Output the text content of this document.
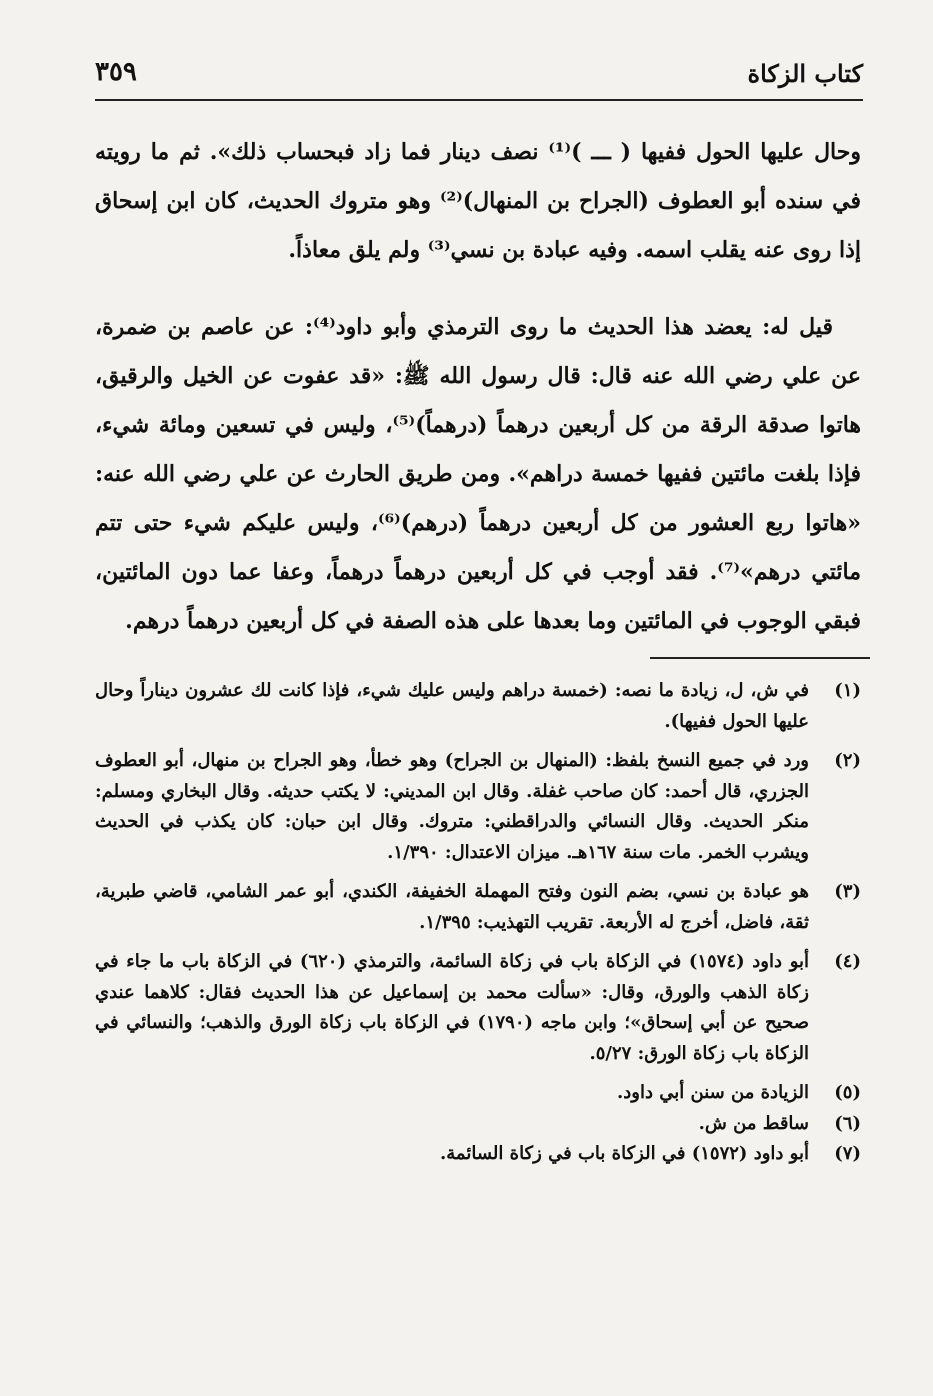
٣٥٩	كتاب الزكاة

وحال عليها الحول ففيها ( ـــ )⁽¹⁾ نصف دينار فما زاد فبحساب ذلك». ثم ما رويته في سنده أبو العطوف (الجراح بن المنهال)⁽²⁾ وهو متروك الحديث، كان ابن إسحاق إذا روى عنه يقلب اسمه. وفيه عبادة بن نسي⁽³⁾ ولم يلق معاذاً.

قيل له: يعضد هذا الحديث ما روى الترمذي وأبو داود⁽⁴⁾: عن عاصم بن ضمرة، عن علي رضي الله عنه قال: قال رسول الله ﷺ: «قد عفوت عن الخيل والرقيق، هاتوا صدقة الرقة من كل أربعين درهماً (درهماً)⁽⁵⁾، وليس في تسعين ومائة شيء، فإذا بلغت مائتين ففيها خمسة دراهم». ومن طريق الحارث عن علي رضي الله عنه: «هاتوا ربع العشور من كل أربعين درهماً (درهم)⁽⁶⁾، وليس عليكم شيء حتى تتم مائتي درهم»⁽⁷⁾. فقد أوجب في كل أربعين درهماً درهماً، وعفا عما دون المائتين، فبقي الوجوب في المائتين وما بعدها على هذه الصفة في كل أربعين درهماً درهم.

(١)
في ش، ل، زيادة ما نصه: (خمسة دراهم وليس عليك شيء، فإذا كانت لك عشرون ديناراً وحال عليها الحول ففيها).
(٢)
ورد في جميع النسخ بلفظ: (المنهال بن الجراح) وهو خطأ، وهو الجراح بن منهال، أبو العطوف الجزري، قال أحمد: كان صاحب غفلة. وقال ابن المديني: لا يكتب حديثه. وقال البخاري ومسلم: منكر الحديث. وقال النسائي والدراقطني: متروك. وقال ابن حبان: كان يكذب في الحديث ويشرب الخمر. مات سنة ١٦٧هـ. ميزان الاعتدال: ١/٣٩٠.
(٣)
هو عبادة بن نسي، بضم النون وفتح المهملة الخفيفة، الكندي، أبو عمر الشامي، قاضي طبرية، ثقة، فاضل، أخرج له الأربعة. تقريب التهذيب: ١/٣٩٥.
(٤)
أبو داود (١٥٧٤) في الزكاة باب في زكاة السائمة، والترمذي (٦٢٠) في الزكاة باب ما جاء في زكاة الذهب والورق، وقال: «سألت محمد بن إسماعيل عن هذا الحديث فقال: كلاهما عندي صحيح عن أبي إسحاق»؛ وابن ماجه (١٧٩٠) في الزكاة باب زكاة الورق والذهب؛ والنسائي في الزكاة باب زكاة الورق: ٥/٢٧.
(٥)
الزيادة من سنن أبي داود.
(٦)
ساقط من ش.
(٧)
أبو داود (١٥٧٢) في الزكاة باب في زكاة السائمة.
